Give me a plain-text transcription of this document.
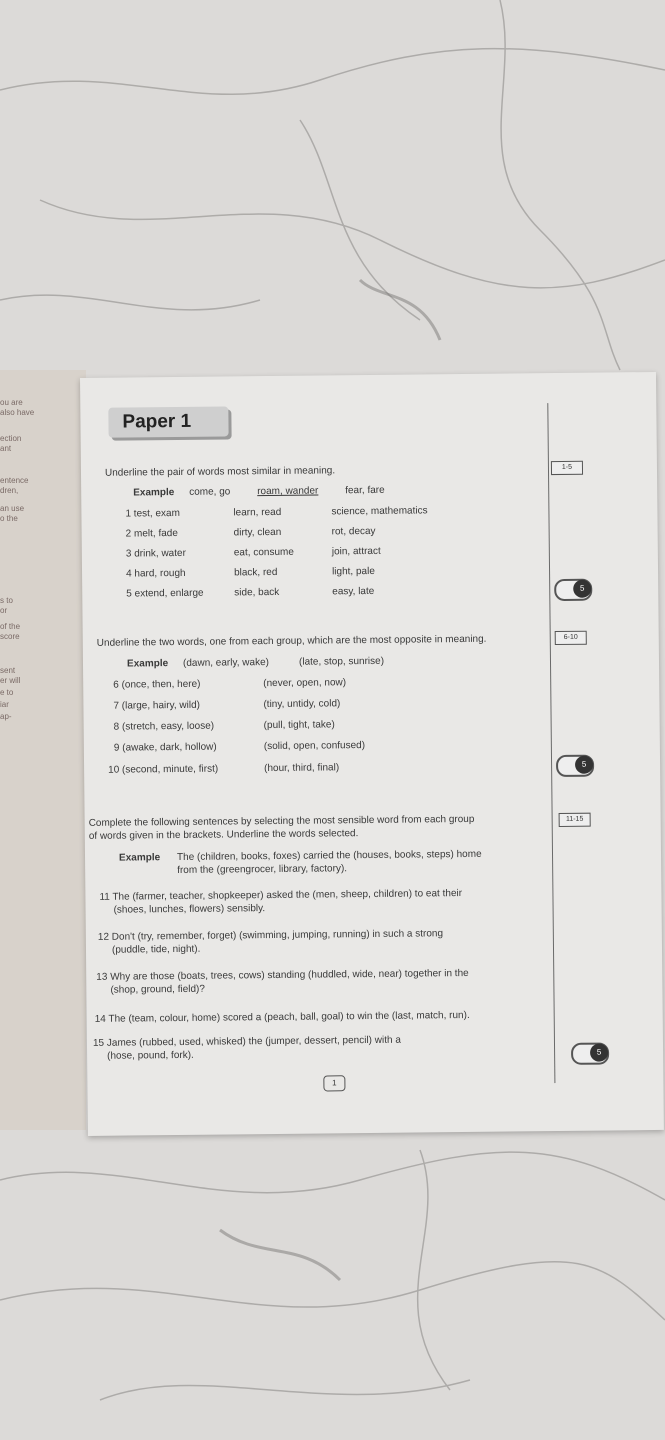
ou are
also have
ection
ant
entence
dren,
an use
o the
s to
or
of the
score
sent
er will
e to
iar
ap-
Paper 1
Underline the pair of words most similar in meaning.	1-5
Example come, go	roam, wander	fear, fare
1 test, exam	learn, read	science, mathematics
2 melt, fade	dirty, clean	rot, decay
3 drink, water	eat, consume	join, attract
4 hard, rough	black, red	light, pale
5 extend, enlarge	side, back	easy, late	5
Underline the two words, one from each group, which are the most opposite in meaning.	6-10
Example (dawn, early, wake)	(late, stop, sunrise)
6 (once, then, here)	(never, open, now)
7 (large, hairy, wild)	(tiny, untidy, cold)
8 (stretch, easy, loose)	(pull, tight, take)
9 (awake, dark, hollow)	(solid, open, confused)
10 (second, minute, first)	(hour, third, final)	5
Complete the following sentences by selecting the most sensible word from each group
of words given in the brackets. Underline the words selected.
11-15
Example The (children, books, foxes) carried the (houses, books, steps) home
from the (greengrocer, library, factory).
11 The (farmer, teacher, shopkeeper) asked the (men, sheep, children) to eat their
(shoes, lunches, flowers) sensibly.
12 Don't (try, remember, forget) (swimming, jumping, running) in such a strong
(puddle, tide, night).
13 Why are those (boats, trees, cows) standing (huddled, wide, near) together in the
(shop, ground, field)?
14 The (team, colour, home) scored a (peach, ball, goal) to win the (last, match, run).
15 James (rubbed, used, whisked) the (jumper, dessert, pencil) with a
(hose, pound, fork).	5
1
